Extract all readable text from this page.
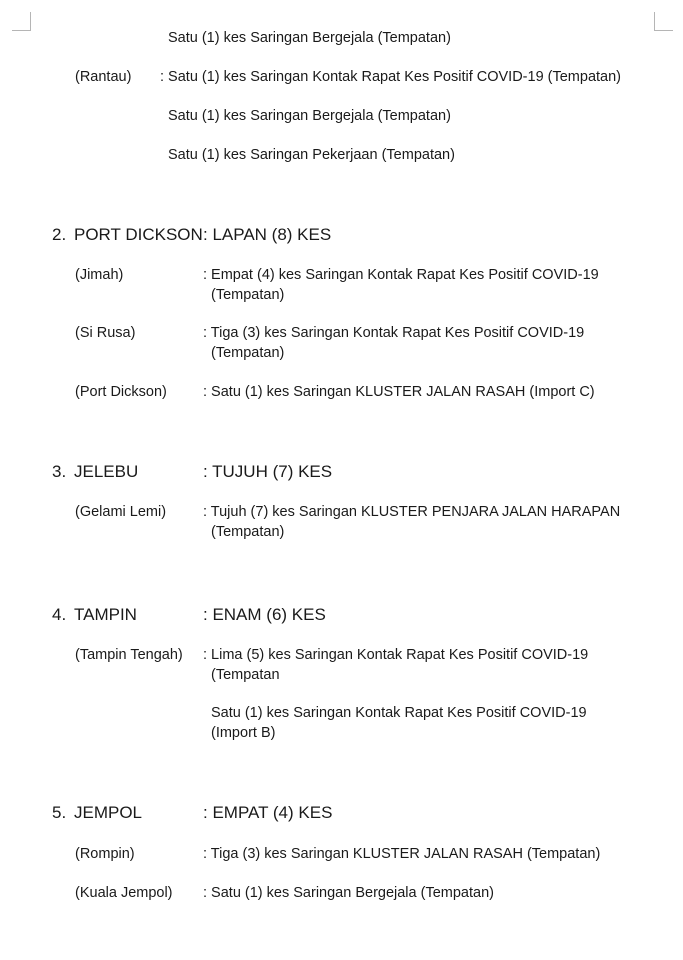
Satu (1) kes Saringan Bergejala (Tempatan)
(Rantau) : Satu (1) kes Saringan Kontak Rapat Kes Positif COVID-19 (Tempatan)
Satu (1) kes Saringan Bergejala (Tempatan)
Satu (1) kes Saringan Pekerjaan (Tempatan)
2. PORT DICKSON : LAPAN (8) KES
(Jimah)	: Empat (4) kes Saringan Kontak Rapat Kes Positif COVID-19
(Tempatan)
(Si Rusa)	: Tiga (3) kes Saringan Kontak Rapat Kes Positif COVID-19
(Tempatan)
(Port Dickson) : Satu (1) kes Saringan KLUSTER JALAN RASAH (Import C)
3. JELEBU	: TUJUH (7) KES
(Gelami Lemi)	: Tujuh (7) kes Saringan KLUSTER PENJARA JALAN HARAPAN
(Tempatan)
4. TAMPIN	: ENAM (6) KES
(Tampin Tengah) : Lima (5) kes Saringan Kontak Rapat Kes Positif COVID-19
(Tempatan
Satu (1) kes Saringan Kontak Rapat Kes Positif COVID-19
(Import B)
5. JEMPOL	: EMPAT (4) KES
(Rompin)	: Tiga (3) kes Saringan KLUSTER JALAN RASAH (Tempatan)
(Kuala Jempol) : Satu (1) kes Saringan Bergejala (Tempatan)
